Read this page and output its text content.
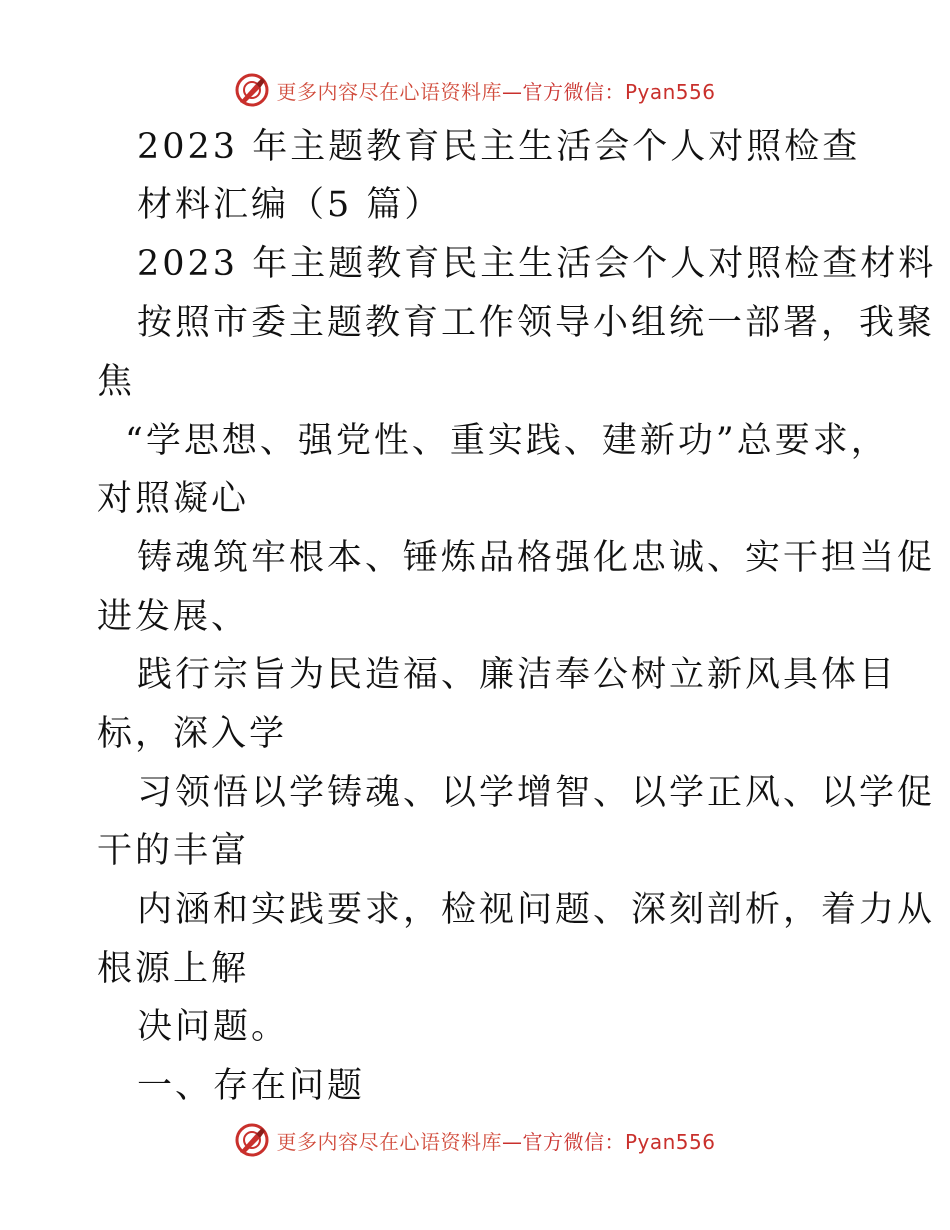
更多内容尽在心语资料库—官方微信：Pyan556
2023 年主题教育民主生活会个人对照检查
材料汇编（5 篇）
2023 年主题教育民主生活会个人对照检查材料
按照市委主题教育工作领导小组统一部署，我聚
焦
“学思想、强党性、重实践、建新功”总要求，
对照凝心
铸魂筑牢根本、锤炼品格强化忠诚、实干担当促
进发展、
践行宗旨为民造福、廉洁奉公树立新风具体目
标，深入学
习领悟以学铸魂、以学增智、以学正风、以学促
干的丰富
内涵和实践要求，检视问题、深刻剖析，着力从
根源上解
决问题。
一、存在问题
更多内容尽在心语资料库—官方微信：Pyan556
